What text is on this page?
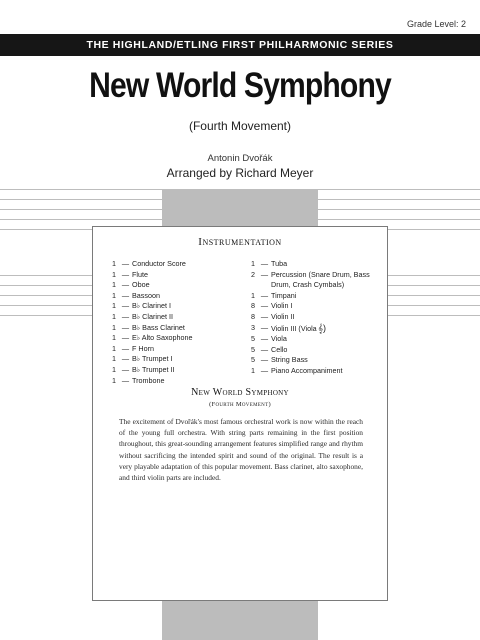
Grade Level: 2
THE HIGHLAND/ETLING FIRST PHILHARMONIC SERIES
New World Symphony
(Fourth Movement)
Antonin Dvořák
Arranged by Richard Meyer
Instrumentation
1 — Conductor Score
1 — Flute
1 — Oboe
1 — Bassoon
1 — B♭ Clarinet I
1 — B♭ Clarinet II
1 — B♭ Bass Clarinet
1 — E♭ Alto Saxophone
1 — F Horn
1 — B♭ Trumpet I
1 — B♭ Trumpet II
1 — Trombone
1 — Tuba
2 — Percussion (Snare Drum, Bass
Drum, Crash Cymbals)
1 — Timpani
8 — Violin I
8 — Violin II
3 — Violin III (Viola𝄞)
5 — Viola
5 — Cello
5 — String Bass
1 — Piano Accompaniment
New World Symphony
(Fourth Movement)
The excitement of Dvořák's most famous orchestral work is now within the reach of the young full orchestra. With string parts remaining in the first position throughout, this great-sounding arrangement features simplified range and rhythm without sacrificing the intended spirit and sound of the original. The result is a very playable adaptation of this popular movement. Bass clarinet, alto saxophone, and third violin parts are included.
